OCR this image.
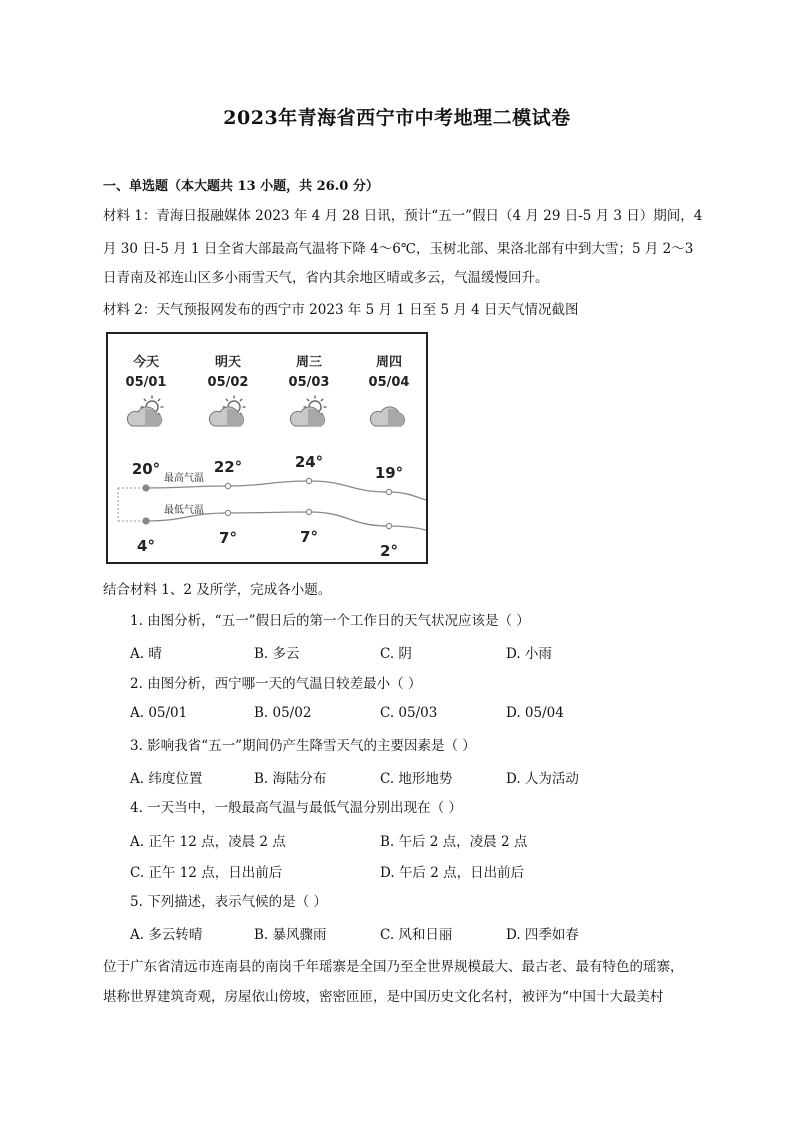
2023年青海省西宁市中考地理二模试卷
一、单选题（本大题共 13 小题，共 26.0 分）
材料 1：青海日报融媒体 2023 年 4 月 28 日讯，预计“五一”假日（4 月 29 日-5 月 3 日）期间，4
月 30 日-5 月 1 日全省大部最高气温将下降 4～6℃，玉树北部、果洛北部有中到大雪；5 月 2～3
日青南及祁连山区多小雨雪天气，省内其余地区晴或多云，气温缓慢回升。
材料 2：天气预报网发布的西宁市 2023 年 5 月 1 日至 5 月 4 日天气情况截图
今天
05/01
20°
4°
明天
05/02
22°
7°
周三
05/03
24°
7°
周四
05/04
19°
2°
最高气温
最低气温
结合材料 1、2 及所学，完成各小题。
1. 由图分析，“五一”假日后的第一个工作日的天气状况应该是（ ）
A. 晴	B. 多云	C. 阴	D. 小雨
2. 由图分析，西宁哪一天的气温日较差最小（ ）
A. 05/01	B. 05/02	C. 05/03	D. 05/04
3. 影响我省“五一”期间仍产生降雪天气的主要因素是（ ）
A. 纬度位置	B. 海陆分布	C. 地形地势	D. 人为活动
4. 一天当中，一般最高气温与最低气温分别出现在（ ）
A. 正午 12 点，凌晨 2 点	B. 午后 2 点，凌晨 2 点
C. 正午 12 点，日出前后	D. 午后 2 点，日出前后
5. 下列描述，表示气候的是（ ）
A. 多云转晴	B. 暴风骤雨	C. 风和日丽	D. 四季如春
位于广东省清远市连南县的南岗千年瑶寨是全国乃至全世界规模最大、最古老、最有特色的瑶寨，
堪称世界建筑奇观，房屋依山傍坡，密密匝匝，是中国历史文化名村，被评为“中国十大最美村
